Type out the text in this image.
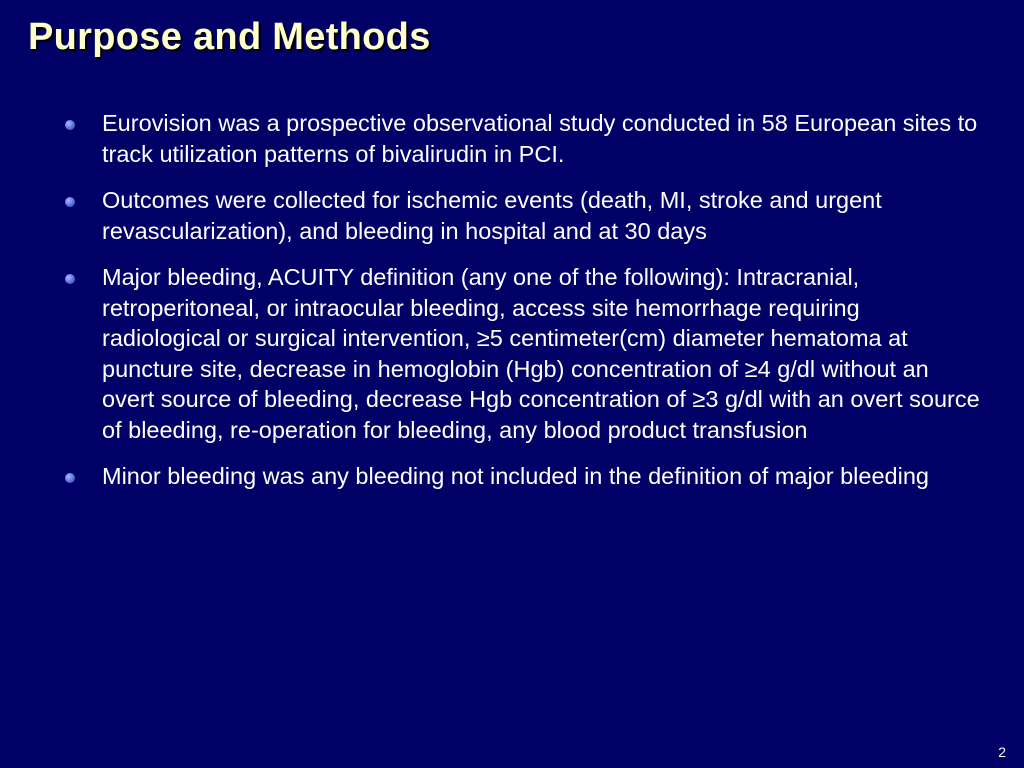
Purpose and Methods
Eurovision was a prospective observational study conducted in 58 European sites to track utilization patterns of bivalirudin in PCI.
Outcomes were collected for ischemic events (death, MI, stroke and urgent revascularization), and bleeding in hospital and at 30 days
Major bleeding, ACUITY definition (any one of the following): Intracranial, retroperitoneal, or intraocular bleeding, access site hemorrhage requiring radiological or surgical intervention, ≥5 centimeter(cm) diameter hematoma at puncture site, decrease in hemoglobin (Hgb) concentration of ≥4 g/dl without an overt source of bleeding, decrease Hgb concentration of ≥3 g/dl with an overt source of bleeding, re-operation for bleeding, any blood product transfusion
Minor bleeding was any bleeding not included in the definition of major bleeding
2
